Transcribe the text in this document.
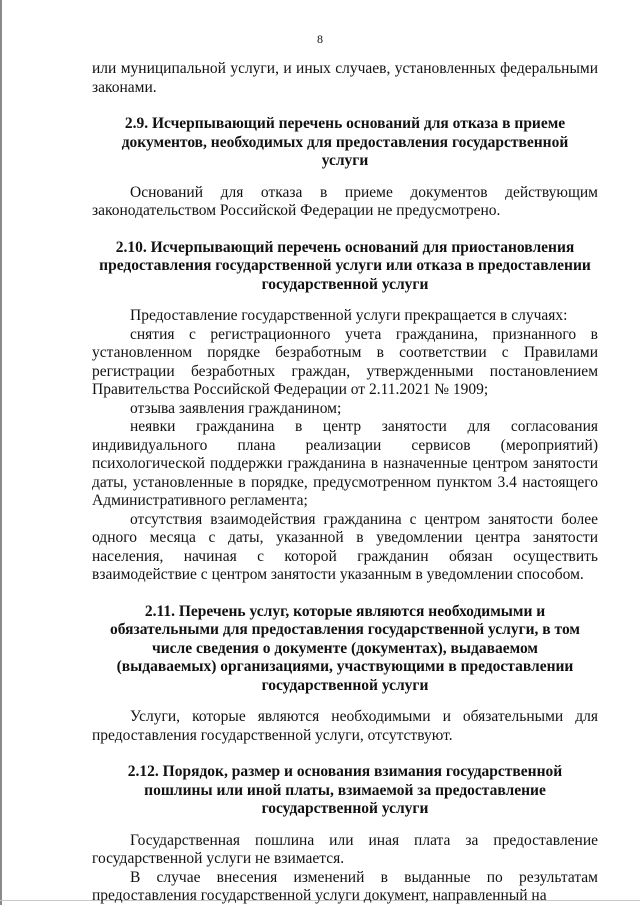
8

или муниципальной услуги, и иных случаев, установленных федеральными законами.

2.9. Исчерпывающий перечень оснований для отказа в приеме документов, необходимых для предоставления государственной услуги

Оснований для отказа в приеме документов действующим законодательством Российской Федерации не предусмотрено.

2.10. Исчерпывающий перечень оснований для приостановления предоставления государственной услуги или отказа в предоставлении государственной услуги

Предоставление государственной услуги прекращается в случаях:

снятия с регистрационного учета гражданина, признанного в установленном порядке безработным в соответствии с Правилами регистрации безработных граждан, утвержденными постановлением Правительства Российской Федерации от 2.11.2021 № 1909;

отзыва заявления гражданином;

неявки гражданина в центр занятости для согласования индивидуального плана реализации сервисов (мероприятий) психологической поддержки гражданина в назначенные центром занятости даты, установленные в порядке, предусмотренном пунктом 3.4 настоящего Административного регламента;

отсутствия взаимодействия гражданина с центром занятости более одного месяца с даты, указанной в уведомлении центра занятости населения, начиная с которой гражданин обязан осуществить взаимодействие с центром занятости указанным в уведомлении способом.

2.11. Перечень услуг, которые являются необходимыми и обязательными для предоставления государственной услуги, в том числе сведения о документе (документах), выдаваемом (выдаваемых) организациями, участвующими в предоставлении государственной услуги

Услуги, которые являются необходимыми и обязательными для предоставления государственной услуги, отсутствуют.

2.12. Порядок, размер и основания взимания государственной пошлины или иной платы, взимаемой за предоставление государственной услуги

Государственная пошлина или иная плата за предоставление государственной услуги не взимается.

В случае внесения изменений в выданные по результатам предоставления государственной услуги документ, направленный на
